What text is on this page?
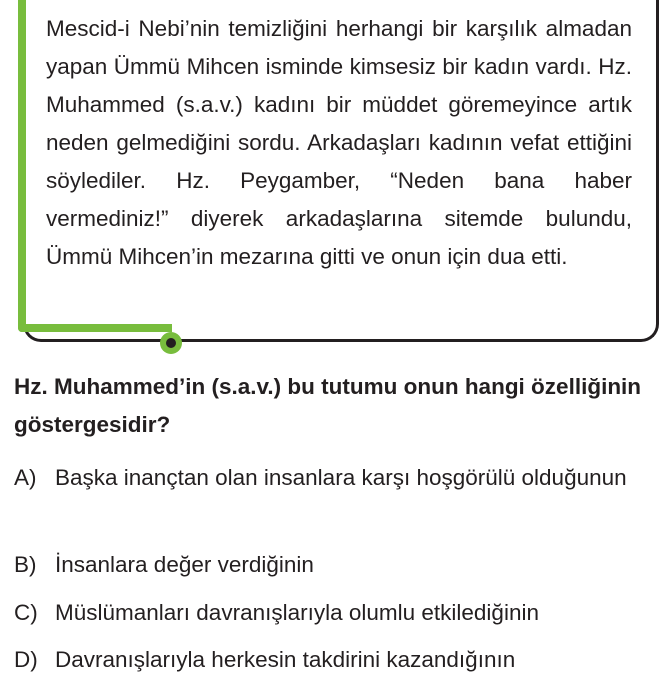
Mescid-i Nebi’nin temizliğini herhangi bir karşılık almadan yapan Ümmü Mihcen isminde kimsesiz bir kadın vardı. Hz. Muhammed (s.a.v.) kadını bir müddet göremeyince artık neden gelmediğini sordu. Arkadaşları kadının vefat ettiğini söylediler. Hz. Peygamber, “Neden bana haber vermediniz!” diyerek arkadaşlarına sitemde bulundu, Ümmü Mihcen’in mezarına gitti ve onun için dua etti.

Hz. Muhammed’in (s.a.v.) bu tutumu onun hangi özelliğinin göstergesidir?

A) Başka inançtan olan insanlara karşı hoşgörülü olduğunun
B) İnsanlara değer verdiğinin
C) Müslümanları davranışlarıyla olumlu etkilediğinin
D) Davranışlarıyla herkesin takdirini kazandığının
